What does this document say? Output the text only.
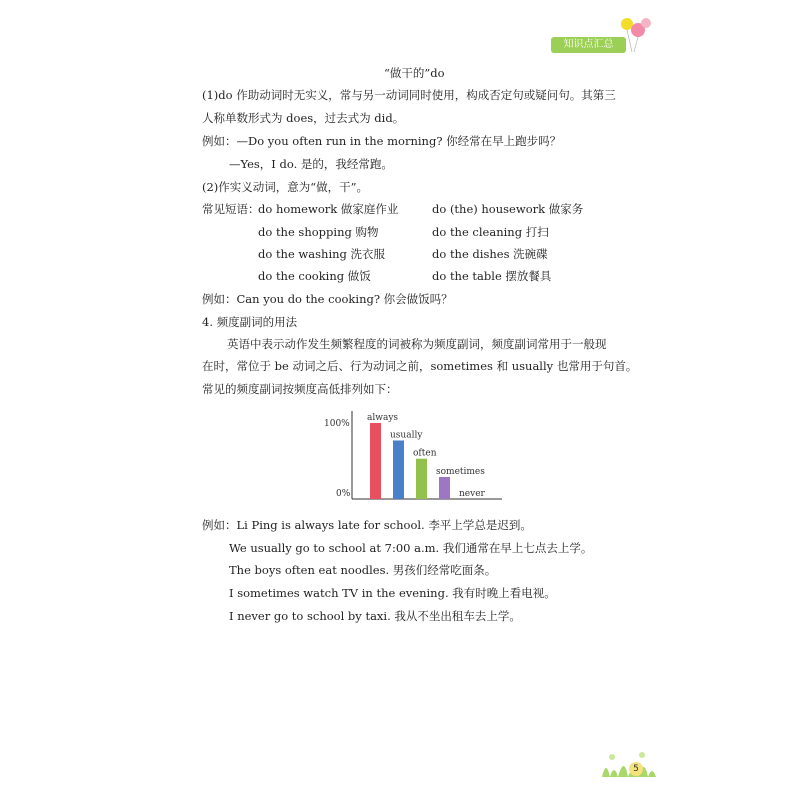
知识点汇总
“做干的”do
(1)do 作助动词时无实义，常与另一动词同时使用，构成否定句或疑问句。其第三
人称单数形式为 does，过去式为 did。
例如：—Do you often run in the morning? 你经常在早上跑步吗？
—Yes，I do. 是的，我经常跑。
(2)作实义动词，意为“做，干”。
常见短语：
do homework 做家庭作业	do (the) housework 做家务
do the shopping 购物	do the cleaning 打扫
do the washing 洗衣服	do the dishes 洗碗碟
do the cooking 做饭	do the table 摆放餐具
例如：Can you do the cooking? 你会做饭吗？
4. 频度副词的用法
英语中表示动作发生频繁程度的词被称为频度副词，频度副词常用于一般现
在时，常位于 be 动词之后、行为动词之前，sometimes 和 usually 也常用于句首。
常见的频度副词按频度高低排列如下：
100%
0%
always
usually
often
sometimes
never
例如：Li Ping is always late for school. 李平上学总是迟到。
We usually go to school at 7:00 a.m. 我们通常在早上七点去上学。
The boys often eat noodles. 男孩们经常吃面条。
I sometimes watch TV in the evening. 我有时晚上看电视。
I never go to school by taxi. 我从不坐出租车去上学。
5
